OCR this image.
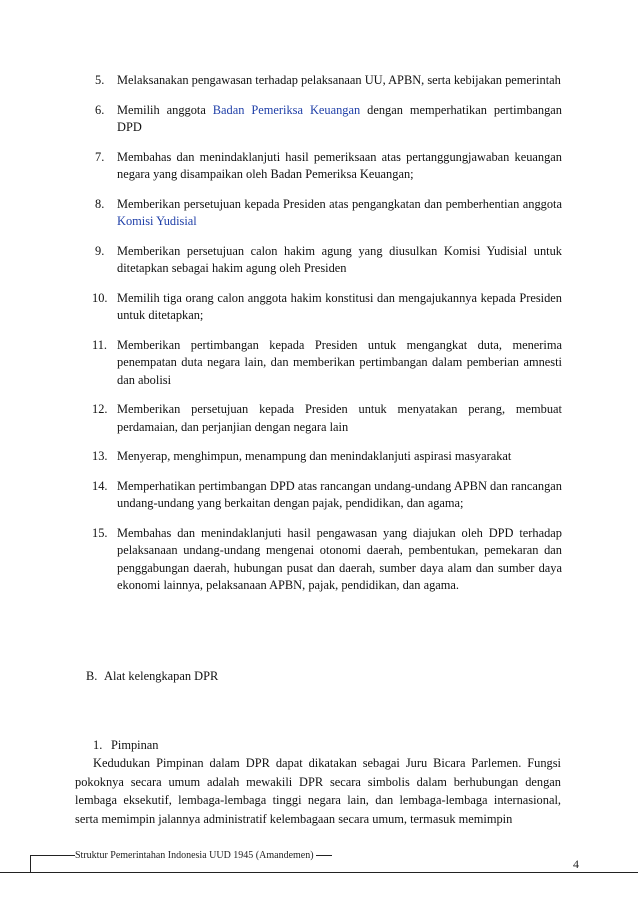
5.	Melaksanakan pengawasan terhadap pelaksanaan UU, APBN, serta kebijakan pemerintah
6.	Memilih anggota Badan Pemeriksa Keuangan dengan memperhatikan pertimbangan DPD
7.	Membahas dan menindaklanjuti hasil pemeriksaan atas pertanggungjawaban keuangan negara yang disampaikan oleh Badan Pemeriksa Keuangan;
8.	Memberikan persetujuan kepada Presiden atas pengangkatan dan pemberhentian anggota Komisi Yudisial
9.	Memberikan persetujuan calon hakim agung yang diusulkan Komisi Yudisial untuk ditetapkan sebagai hakim agung oleh Presiden
10. Memilih tiga orang calon anggota hakim konstitusi dan mengajukannya kepada Presiden untuk ditetapkan;
11. Memberikan pertimbangan kepada Presiden untuk mengangkat duta, menerima penempatan duta negara lain, dan memberikan pertimbangan dalam pemberian amnesti dan abolisi
12. Memberikan persetujuan kepada Presiden untuk menyatakan perang, membuat perdamaian, dan perjanjian dengan negara lain
13. Menyerap, menghimpun, menampung dan menindaklanjuti aspirasi masyarakat
14. Memperhatikan pertimbangan DPD atas rancangan undang-undang APBN dan rancangan undang-undang yang berkaitan dengan pajak, pendidikan, dan agama;
15. Membahas dan menindaklanjuti hasil pengawasan yang diajukan oleh DPD terhadap pelaksanaan undang-undang mengenai otonomi daerah, pembentukan, pemekaran dan penggabungan daerah, hubungan pusat dan daerah, sumber daya alam dan sumber daya ekonomi lainnya, pelaksanaan APBN, pajak, pendidikan, dan agama.
B. Alat kelengkapan DPR
1. Pimpinan

Kedudukan Pimpinan dalam DPR dapat dikatakan sebagai Juru Bicara Parlemen. Fungsi pokoknya secara umum adalah mewakili DPR secara simbolis dalam berhubungan dengan lembaga eksekutif, lembaga-lembaga tinggi negara lain, dan lembaga-lembaga internasional, serta memimpin jalannya administratif kelembagaan secara umum, termasuk memimpin

Struktur Pemerintahan Indonesia UUD 1945 (Amandemen)
4
